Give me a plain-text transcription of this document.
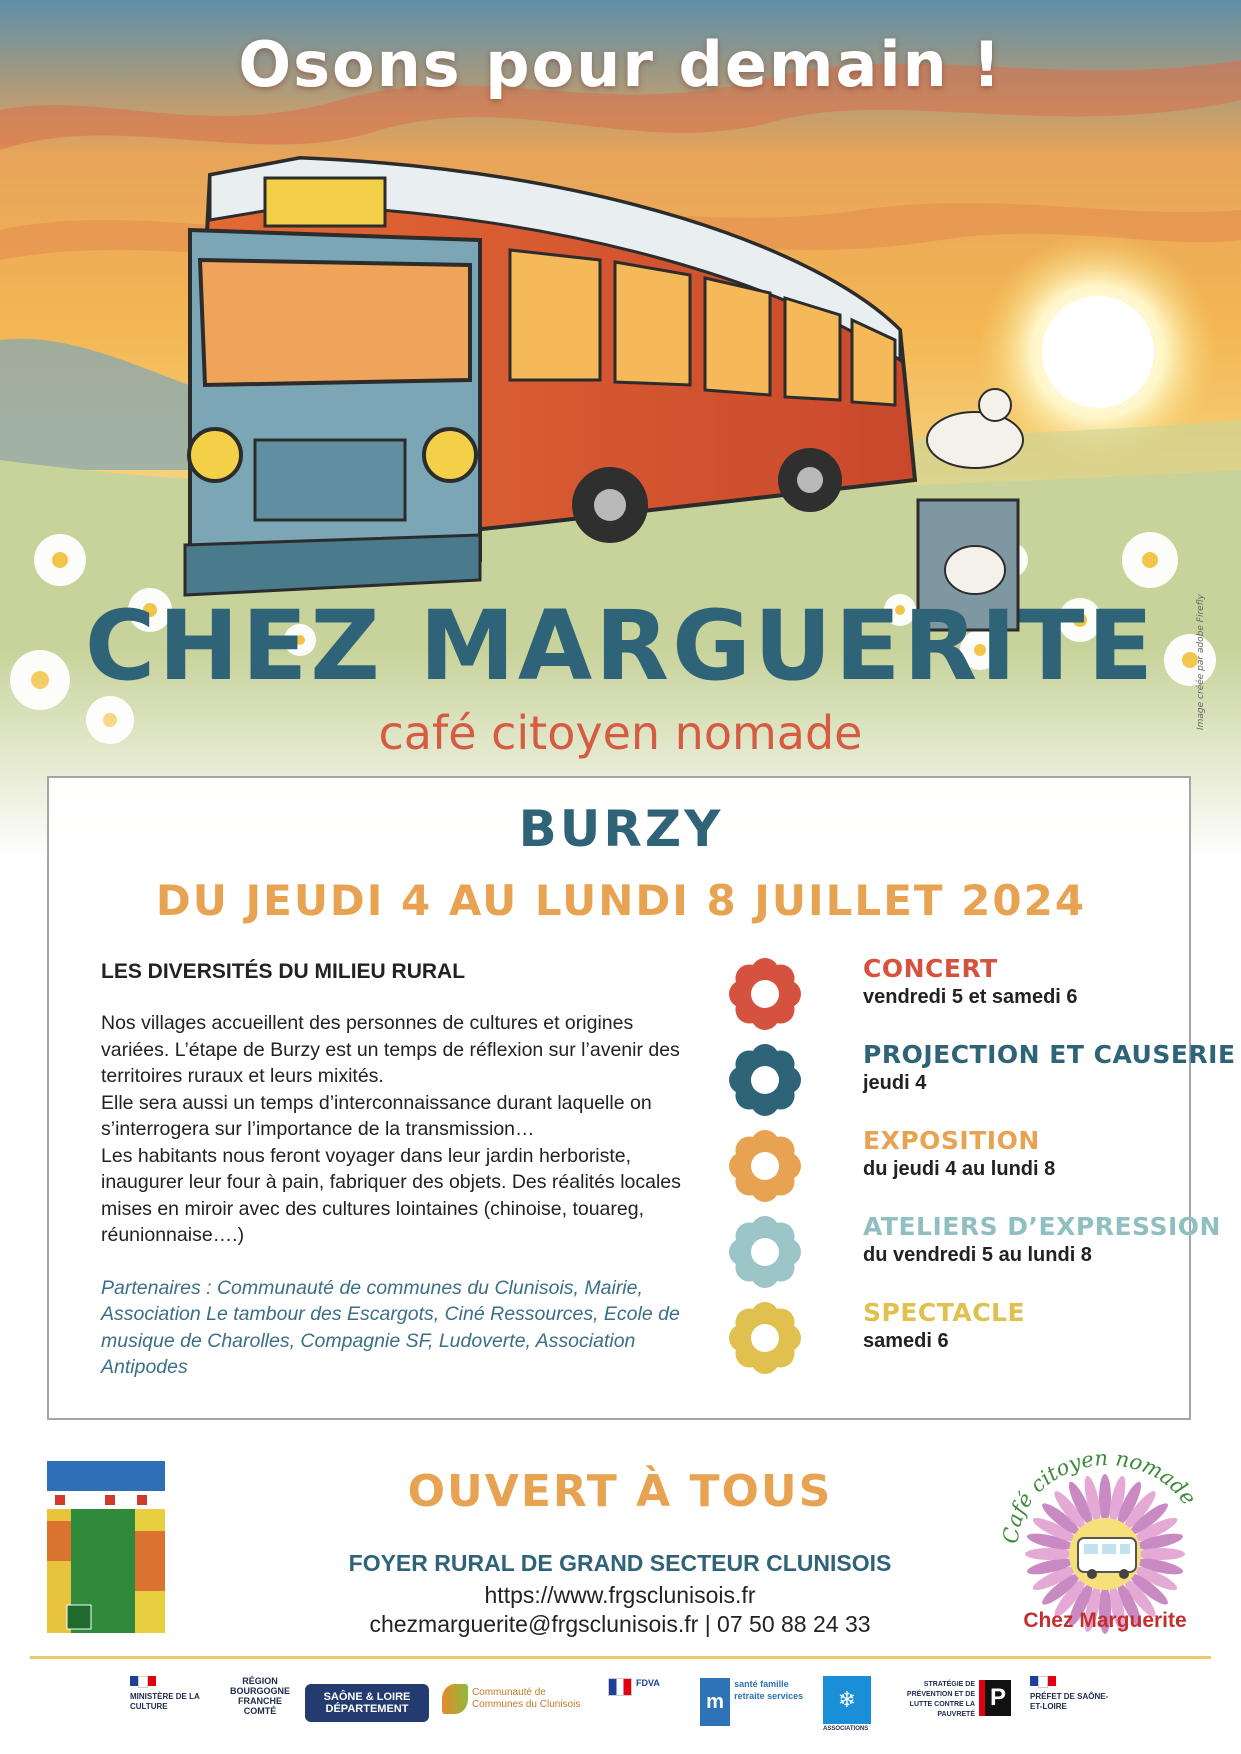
Osons pour demain !
Image créée par adobe Firefly
CHEZ MARGUERITE
café citoyen nomade
BURZY
DU JEUDI 4 AU LUNDI 8 JUILLET 2024
LES DIVERSITÉS DU MILIEU RURAL

Nos villages accueillent des personnes de cultures et origines variées. L’étape de Burzy est un temps de réflexion sur l’avenir des territoires ruraux et leurs mixités.

Elle sera aussi un temps d’interconnaissance durant laquelle on s’interrogera sur l’importance de la transmission…

Les habitants nous feront voyager dans leur jardin herboriste, inaugurer leur four à pain, fabriquer des objets. Des réalités locales mises en miroir avec des cultures lointaines (chinoise, touareg, réunionnaise….)

Partenaires : Communauté de communes du Clunisois, Mairie, Association Le tambour des Escargots, Ciné Ressources, Ecole de musique de Charolles, Compagnie SF, Ludoverte, Association Antipodes

CONCERT
vendredi 5 et samedi 6
PROJECTION ET CAUSERIE
jeudi 4
EXPOSITION
du jeudi 4 au lundi 8
ATELIERS D’EXPRESSION
du vendredi 5 au lundi 8
SPECTACLE
samedi 6
OUVERT À TOUS
FOYER RURAL DE GRAND SECTEUR CLUNISOIS
https://www.frgsclunisois.fr
chezmarguerite@frgsclunisois.fr | 07 50 88 24 33
Café citoyen nomade
Chez Marguerite
MINISTÈRE DE LA CULTURE
RÉGION BOURGOGNE FRANCHE COMTÉ
SAÔNE & LOIRE DÉPARTEMENT
Communauté de Communes du Clunisois
FDVA
m
santé famille retraite services	❄
ASSOCIATIONS
STRATÉGIE DE PRÉVENTION ET DE LUTTE CONTRE LA PAUVRETÉ
P	PRÉFET DE SAÔNE-ET-LOIRE
